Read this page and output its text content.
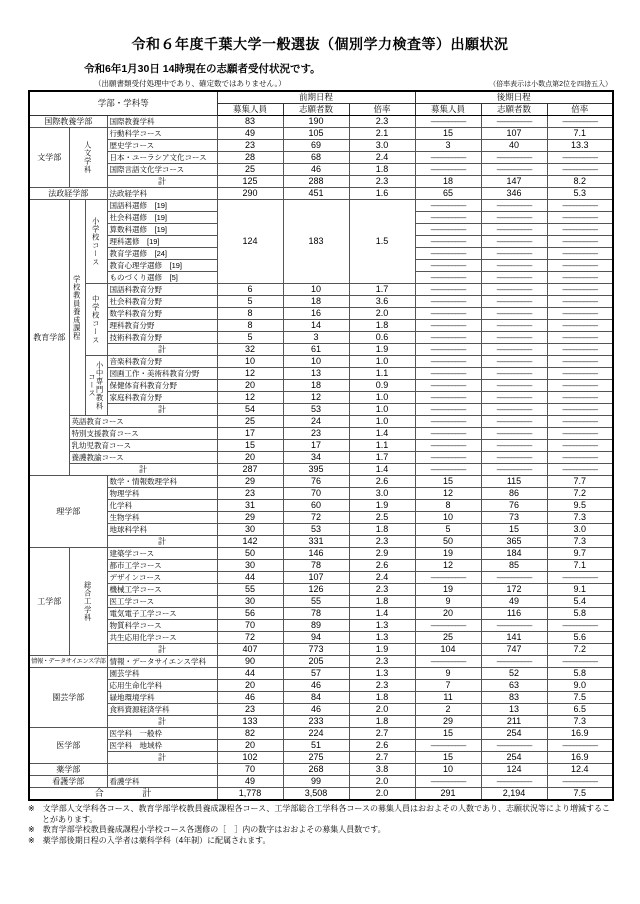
令和６年度千葉大学一般選抜（個別学力検査等）出願状況
令和6年1月30日 14時現在の志願者受付状況です。
（出願書類受付処理中であり、確定数ではありません。）	（倍率表示は小数点第2位を四捨五入）
学部・学科等				前期日程			後期日程		
				募集人員	志願者数	倍率	募集人員	志願者数	倍率
国際教養学部			国際教養学科	83	190	2.3	––––––––––	––––––––––	––––––––––
文学部	人文学科		行動科学コース	49	105	2.1	15	107	7.1
			歴史学コース	23	69	3.0	3	40	13.3
			日本・ユーラシア文化コース	28	68	2.4	––––––––––	––––––––––	––––––––––
			国際言語文化学コース	25	46	1.8	––––––––––	––––––––––	––––––––––
			計	125	288	2.3	18	147	8.2
法政経学部			法政経学科	290	451	1.6	65	346	5.3
教育学部	学校教員養成課程	小学校コース	国語科選修　[19]	124	183	1.5	––––––––––	––––––––––	––––––––––
			社会科選修　[19]				––––––––––	––––––––––	––––––––––
			算数科選修　[19]				––––––––––	––––––––––	––––––––––
			理科選修　[19]				––––––––––	––––––––––	––––––––––
			教育学選修　[24]				––––––––––	––––––––––	––––––––––
			教育心理学選修　[19]				––––––––––	––––––––––	––––––––––
			ものづくり選修　[5]				––––––––––	––––––––––	––––––––––
		中学校コース	国語科教育分野	6	10	1.7	––––––––––	––––––––––	––––––––––
			社会科教育分野	5	18	3.6	––––––––––	––––––––––	––––––––––
			数学科教育分野	8	16	2.0	––––––––––	––––––––––	––––––––––
			理科教育分野	8	14	1.8	––––––––––	––––––––––	––––––––––
			技術科教育分野	5	3	0.6	––––––––––	––––––––––	––––––––––
			計	32	61	1.9	––––––––––	––––––––––	––––––––––
		小中専門教科コース	音楽科教育分野	10	10	1.0	––––––––––	––––––––––	––––––––––
			図画工作・美術科教育分野	12	13	1.1	––––––––––	––––––––––	––––––––––
			保健体育科教育分野	20	18	0.9	––––––––––	––––––––––	––––––––––
			家庭科教育分野	12	12	1.0	––––––––––	––––––––––	––––––––––
			計	54	53	1.0	––––––––––	––––––––––	––––––––––
	英語教育コース			25	24	1.0	––––––––––	––––––––––	––––––––––
	特別支援教育コース			17	23	1.4	––––––––––	––––––––––	––––––––––
	乳幼児教育コース			15	17	1.1	––––––––––	––––––––––	––––––––––
	養護教諭コース			20	34	1.7	––––––––––	––––––––––	––––––––––
	計			287	395	1.4	––––––––––	––––––––––	––––––––––
理学部			数学・情報数理学科	29	76	2.6	15	115	7.7
			物理学科	23	70	3.0	12	86	7.2
			化学科	31	60	1.9	8	76	9.5
			生物学科	29	72	2.5	10	73	7.3
			地球科学科	30	53	1.8	5	15	3.0
			計	142	331	2.3	50	365	7.3
工学部	総合工学科		建築学コース	50	146	2.9	19	184	9.7
			都市工学コース	30	78	2.6	12	85	7.1
			デザインコース	44	107	2.4	––––––––––	––––––––––	––––––––––
			機械工学コース	55	126	2.3	19	172	9.1
			医工学コース	30	55	1.8	9	49	5.4
			電気電子工学コース	56	78	1.4	20	116	5.8
			物質科学コース	70	89	1.3	––––––––––	––––––––––	––––––––––
			共生応用化学コース	72	94	1.3	25	141	5.6
			計	407	773	1.9	104	747	7.2
情報・データサイエンス学部			情報・データサイエンス学科	90	205	2.3	––––––––––	––––––––––	––––––––––
園芸学部			園芸学科	44	57	1.3	9	52	5.8
			応用生命化学科	20	46	2.3	7	63	9.0
			緑地環境学科	46	84	1.8	11	83	7.5
			食料資源経済学科	23	46	2.0	2	13	6.5
			計	133	233	1.8	29	211	7.3
医学部			医学科　一般枠	82	224	2.7	15	254	16.9
			医学科　地域枠	20	51	2.6	––––––––––	––––––––––	––––––––––
			計	102	275	2.7	15	254	16.9
薬学部				70	268	3.8	10	124	12.4
看護学部			看護学科	49	99	2.0	––––––––––	––––––––––	––––––––––
合　　　　計				1,778	3,508	2.0	291	2,194	7.5
※　文学部人文学科各コース、教育学部学校教員養成課程各コース、工学部総合工学科各コースの募集人員はおおよその人数であり、志願状況等により増減することがあります。
※　教育学部学校教員養成課程小学校コース各選修の［　］内の数字はおおよその募集人員数です。
※　薬学部後期日程の入学者は薬科学科（4年制）に配属されます。
